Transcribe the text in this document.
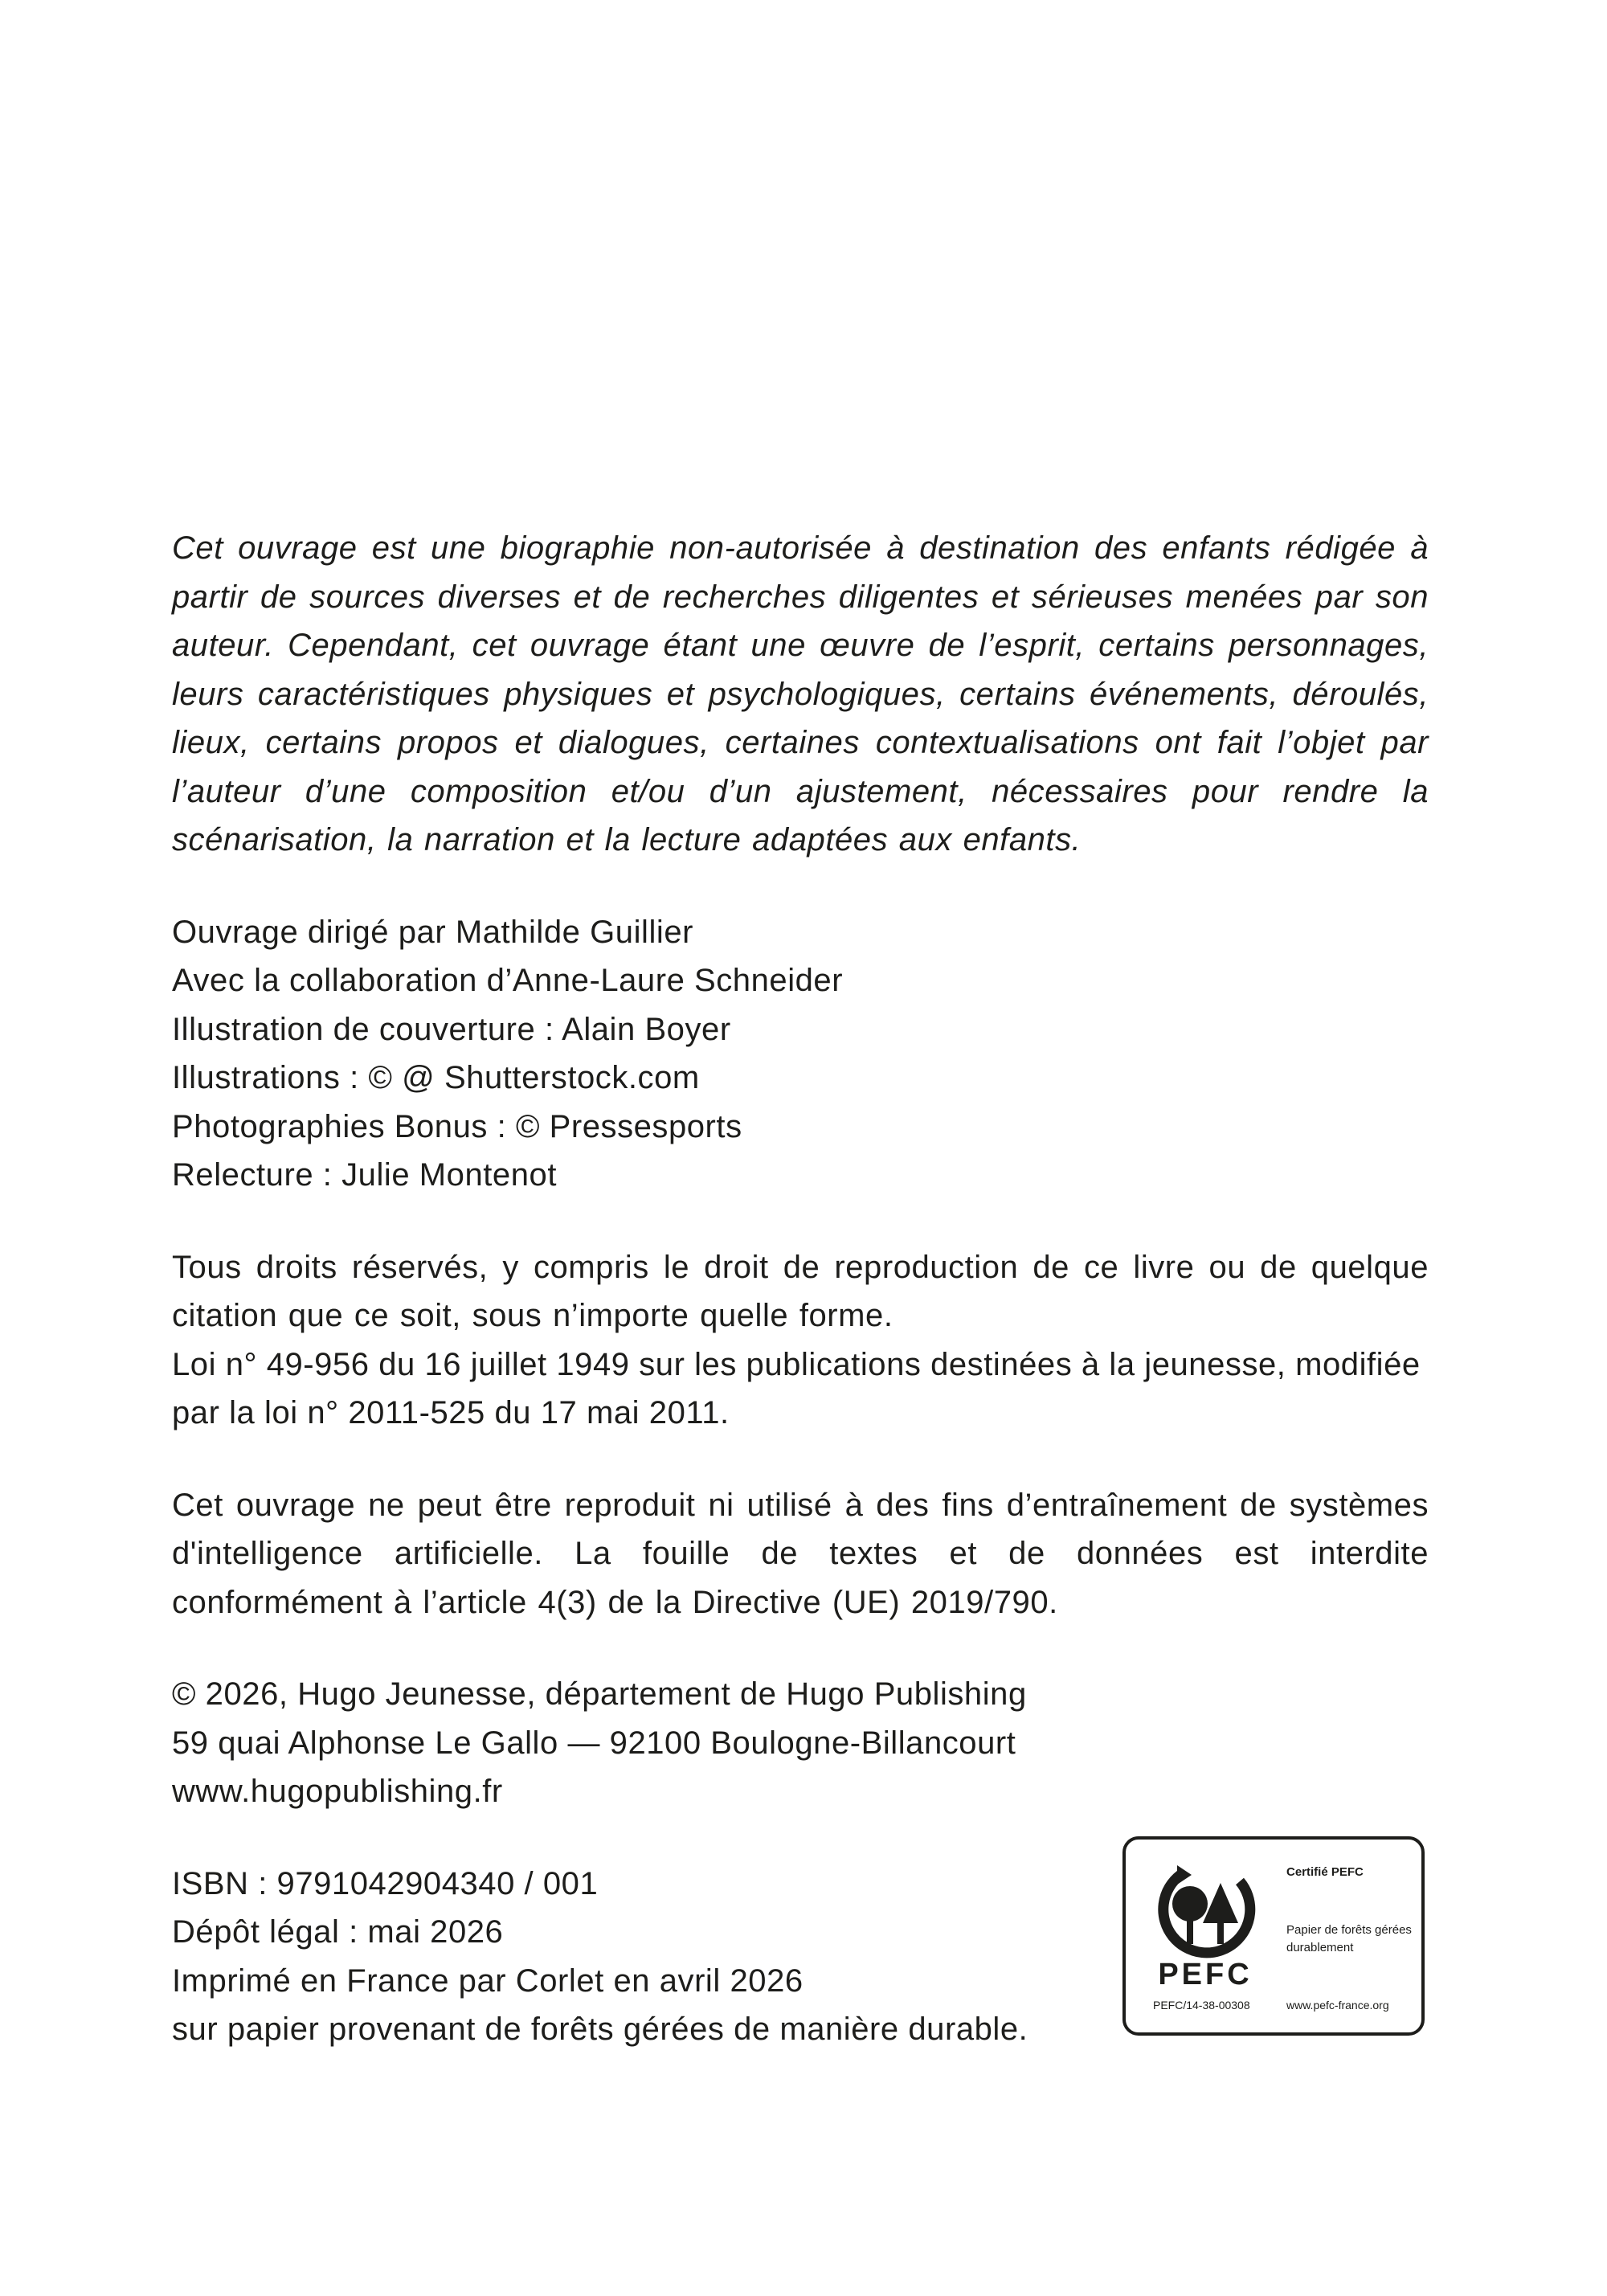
Cet ouvrage est une biographie non-autorisée à destination des enfants rédigée à partir de sources diverses et de recherches diligentes et sérieuses menées par son auteur. Cependant, cet ouvrage étant une œuvre de l’esprit, certains personnages, leurs caractéristiques physiques et psychologiques, certains événements, déroulés, lieux, certains propos et dialogues, certaines contextualisations ont fait l’objet par l’auteur d’une composition et/ou d’un ajustement, nécessaires pour rendre la scénarisation, la narration et la lecture adaptées aux enfants.

Ouvrage dirigé par Mathilde Guillier
Avec la collaboration d’Anne-Laure Schneider
Illustration de couverture : Alain Boyer
Illustrations : © @ Shutterstock.com
Photographies Bonus : © Pressesports
Relecture : Julie Montenot

Tous droits réservés, y compris le droit de reproduction de ce livre ou de quelque citation que ce soit, sous n’importe quelle forme.

Loi n° 49-956 du 16 juillet 1949 sur les publications destinées à la jeunesse, modifiée par la loi n° 2011-525 du 17 mai 2011.

Cet ouvrage ne peut être reproduit ni utilisé à des fins d’entraînement de systèmes d'intelligence artificielle. La fouille de textes et de données est interdite conformément à l’article 4(3) de la Directive (UE) 2019/790.

© 2026, Hugo Jeunesse, département de Hugo Publishing
59 quai Alphonse Le Gallo — 92100 Boulogne-Billancourt
www.hugopublishing.fr

ISBN : 9791042904340 / 001
Dépôt légal : mai 2026
Imprimé en France par Corlet en avril 2026
sur papier provenant de forêts gérées de manière durable.

PEFC
PEFC/14-38-00308
Certifié PEFC
Papier de forêts gérées durablement
www.pefc-france.org
